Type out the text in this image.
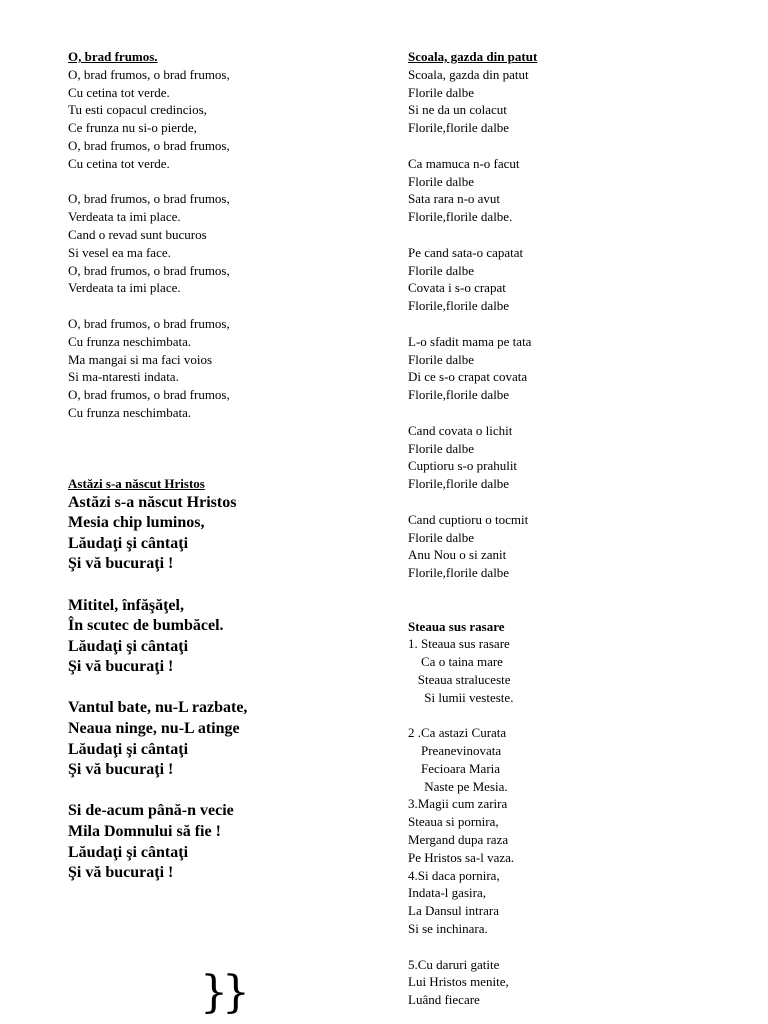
O, brad frumos.

O, brad frumos, o brad frumos,

Cu cetina tot verde.

Tu esti copacul credincios,

Ce frunza nu si-o pierde,

O, brad frumos, o brad frumos,

Cu cetina tot verde.

O, brad frumos, o brad frumos,

Verdeata ta imi place.

Cand o revad sunt bucuros

Si vesel ea ma face.

O, brad frumos, o brad frumos,

Verdeata ta imi place.

O, brad frumos, o brad frumos,

Cu frunza neschimbata.

Ma mangai si ma faci voios

Si ma-ntaresti indata.

O, brad frumos, o brad frumos,

Cu frunza neschimbata.

Astăzi s-a născut Hristos

Astăzi s-a născut Hristos

Mesia chip luminos,

Lăudaţi şi cântaţi

Şi vă bucuraţi !

Mititel, înfăşăţel,

În scutec de bumbăcel.

Lăudaţi şi cântaţi

Şi vă bucuraţi !

Vantul bate, nu-L razbate,

Neaua ninge, nu-L atinge

Lăudaţi şi cântaţi

Şi vă bucuraţi !

Si de-acum până-n vecie

Mila Domnului să fie !

Lăudaţi şi cântaţi

Şi vă bucuraţi !

}}

Scoala, gazda din patut

Scoala, gazda din patut

Florile dalbe

Si ne da un colacut

Florile,florile dalbe

Ca mamuca n-o facut

Florile dalbe

Sata rara n-o avut

Florile,florile dalbe.

Pe cand sata-o capatat

Florile dalbe

Covata i s-o crapat

Florile,florile dalbe

L-o sfadit mama pe tata

Florile dalbe

Di ce s-o crapat covata

Florile,florile dalbe

Cand covata o lichit

Florile dalbe

Cuptioru s-o prahulit

Florile,florile dalbe

Cand cuptioru o tocmit

Florile dalbe

Anu Nou o si zanit

Florile,florile dalbe

Steaua sus rasare

1. Steaua sus rasare

Ca o taina mare

Steaua straluceste

Si lumii vesteste.

2 .Ca astazi Curata

Preanevinovata

Fecioara Maria

Naste pe Mesia.

3.Magii cum zarira

Steaua si pornira,

Mergand dupa raza

Pe Hristos sa-l vaza.

4.Si daca pornira,

Indata-l gasira,

La Dansul intrara

Si se inchinara.

5.Cu daruri gatite

Lui Hristos menite,

Luând fiecare
